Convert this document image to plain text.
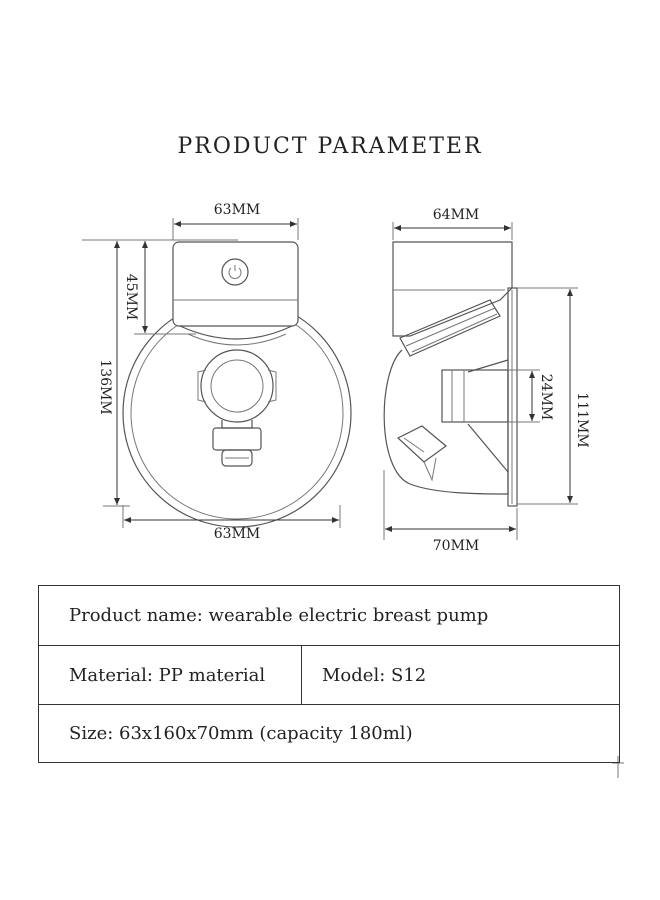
PRODUCT PARAMETER
63MM
63MM
136MM
45MM
64MM
70MM
111MM
24MM
Product name: wearable electric breast pump
Material: PP material	Model: S12
Size: 63x160x70mm (capacity 180ml)
